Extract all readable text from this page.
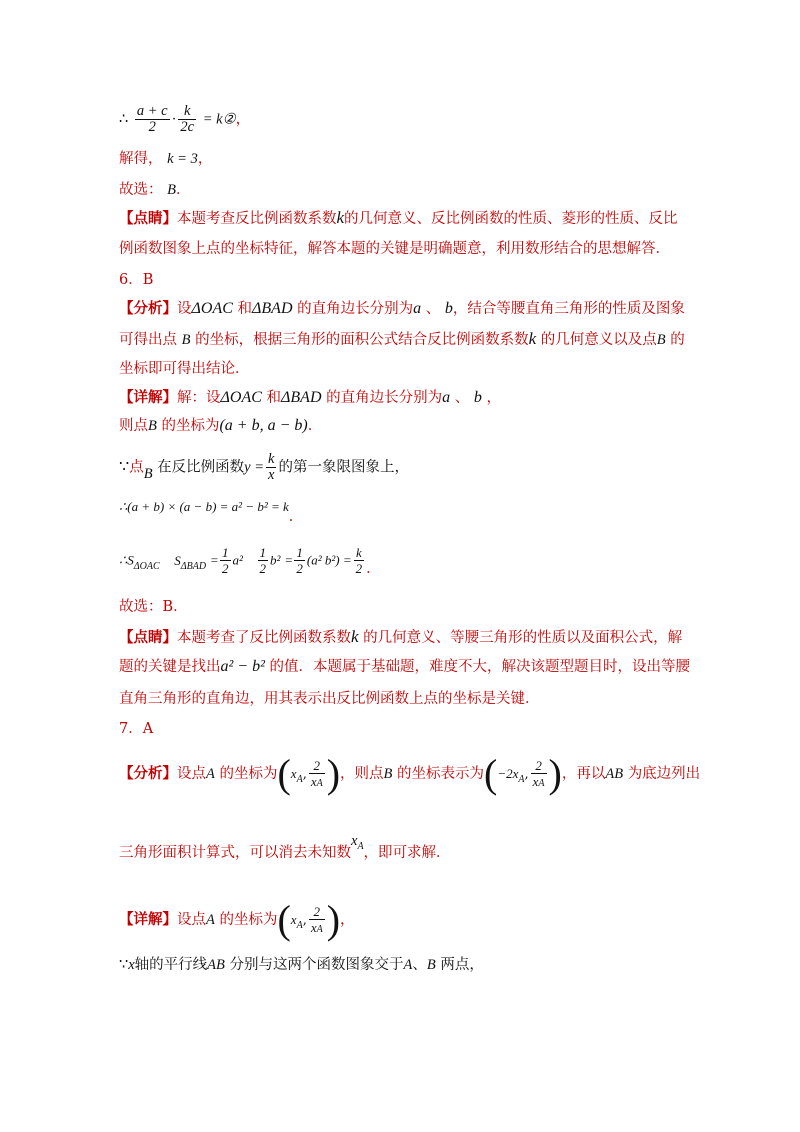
∴ $\frac{a + c}{2} \cdot \frac{k}{2c}$ = k②，
解得， k = 3，
故选： B．
【点睛】本题考查反比例函数系数k的几何意义、反比例函数的性质、菱形的性质、反比
例函数图象上点的坐标特征，解答本题的关键是明确题意，利用数形结合的思想解答．
6．B
【分析】设ΔOAC 和ΔBAD 的直角边长分别为a 、 b，结合等腰直角三角形的性质及图象
可得出点 B 的坐标，根据三角形的面积公式结合反比例函数系数k 的几何意义以及点B 的
坐标即可得出结论．
【详解】解：设ΔOAC 和ΔBAD 的直角边长分别为a 、 b ，
则点B 的坐标为(a + b, a − b)．
∵点B 在反比例函数$y = \frac{k}{x}$ 的第一象限图象上，
∴(a + b) × (a − b) = a² − b² = k．
$\therefore S_{\Delta OAC}$ $S_{\Delta BAD} = \frac{1}{2} a^2 \frac{1}{2} b^2 = \frac{1}{2} (a^2$ $b^2) = \frac{k}{2}$ ．
故选：B．
【点睛】本题考查了反比例函数系数k 的几何意义、等腰三角形的性质以及面积公式，解
题的关键是找出a² − b² 的值．本题属于基础题，难度不大，解决该题型题目时，设出等腰
直角三角形的直角边，用其表示出反比例函数上点的坐标是关键．
7．A
【分析】设点A 的坐标为($x_A$, $\frac{2}{xA}$ )，则点B 的坐标表示为($-2x_A$, $\frac{2}{xA}$ )，再以AB 为底边列出
三角形面积计算式，可以消去未知数$x^A$，即可求解．
【详解】设点A 的坐标为($x_A$, $\frac{2}{xA}$ )，
∵x轴的平行线AB 分别与这两个函数图象交于A、B 两点，
